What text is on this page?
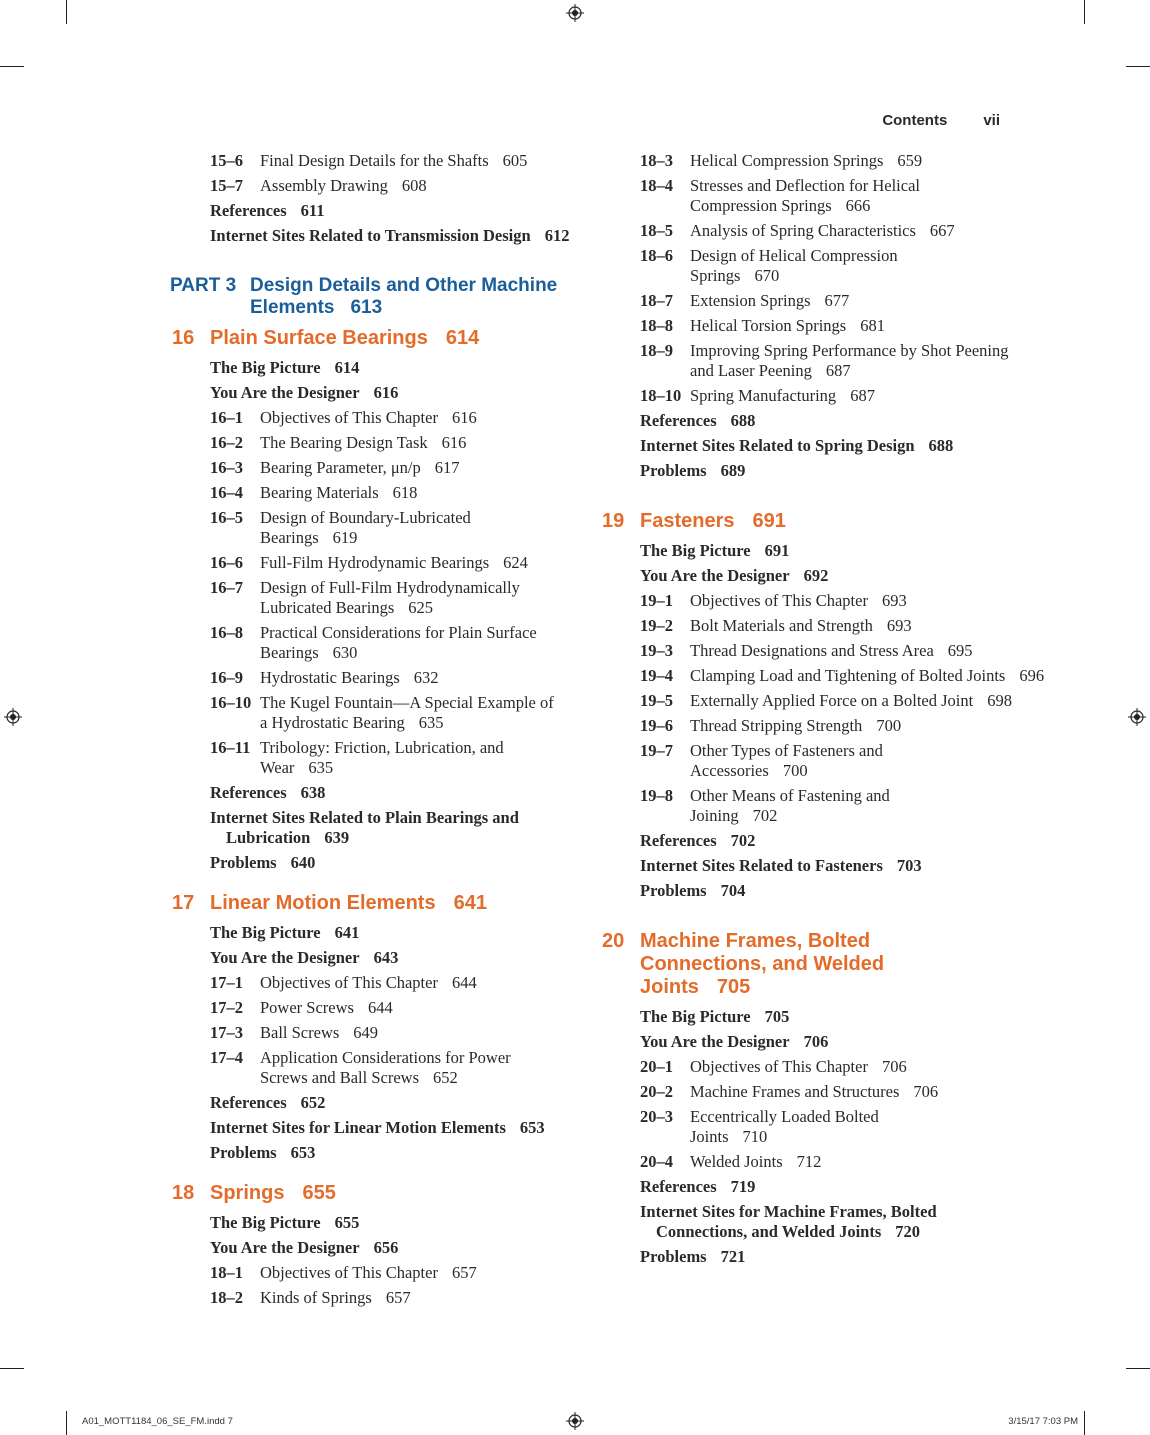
Contents vii
15–6 Final Design Details for the Shafts 605
15–7 Assembly Drawing 608
References 611
Internet Sites Related to Transmission Design 612
PART 3 Design Details and Other Machine Elements 613
16 Plain Surface Bearings 614
The Big Picture 614
You Are the Designer 616
16–1 Objectives of This Chapter 616
16–2 The Bearing Design Task 616
16–3 Bearing Parameter, μn/p 617
16–4 Bearing Materials 618
16–5 Design of Boundary-Lubricated Bearings 619
16–6 Full-Film Hydrodynamic Bearings 624
16–7 Design of Full-Film Hydrodynamically Lubricated Bearings 625
16–8 Practical Considerations for Plain Surface Bearings 630
16–9 Hydrostatic Bearings 632
16–10 The Kugel Fountain—A Special Example of a Hydrostatic Bearing 635
16–11 Tribology: Friction, Lubrication, and Wear 635
References 638
Internet Sites Related to Plain Bearings and Lubrication 639
Problems 640
17 Linear Motion Elements 641
The Big Picture 641
You Are the Designer 643
17–1 Objectives of This Chapter 644
17–2 Power Screws 644
17–3 Ball Screws 649
17–4 Application Considerations for Power Screws and Ball Screws 652
References 652
Internet Sites for Linear Motion Elements 653
Problems 653
18 Springs 655
The Big Picture 655
You Are the Designer 656
18–1 Objectives of This Chapter 657
18–2 Kinds of Springs 657
18–3 Helical Compression Springs 659
18–4 Stresses and Deflection for Helical Compression Springs 666
18–5 Analysis of Spring Characteristics 667
18–6 Design of Helical Compression Springs 670
18–7 Extension Springs 677
18–8 Helical Torsion Springs 681
18–9 Improving Spring Performance by Shot Peening and Laser Peening 687
18–10 Spring Manufacturing 687
References 688
Internet Sites Related to Spring Design 688
Problems 689
19 Fasteners 691
The Big Picture 691
You Are the Designer 692
19–1 Objectives of This Chapter 693
19–2 Bolt Materials and Strength 693
19–3 Thread Designations and Stress Area 695
19–4 Clamping Load and Tightening of Bolted Joints 696
19–5 Externally Applied Force on a Bolted Joint 698
19–6 Thread Stripping Strength 700
19–7 Other Types of Fasteners and Accessories 700
19–8 Other Means of Fastening and Joining 702
References 702
Internet Sites Related to Fasteners 703
Problems 704
20 Machine Frames, Bolted Connections, and Welded Joints 705
The Big Picture 705
You Are the Designer 706
20–1 Objectives of This Chapter 706
20–2 Machine Frames and Structures 706
20–3 Eccentrically Loaded Bolted Joints 710
20–4 Welded Joints 712
References 719
Internet Sites for Machine Frames, Bolted Connections, and Welded Joints 720
Problems 721
A01_MOTT1184_06_SE_FM.indd 7	3/15/17 7:03 PM
